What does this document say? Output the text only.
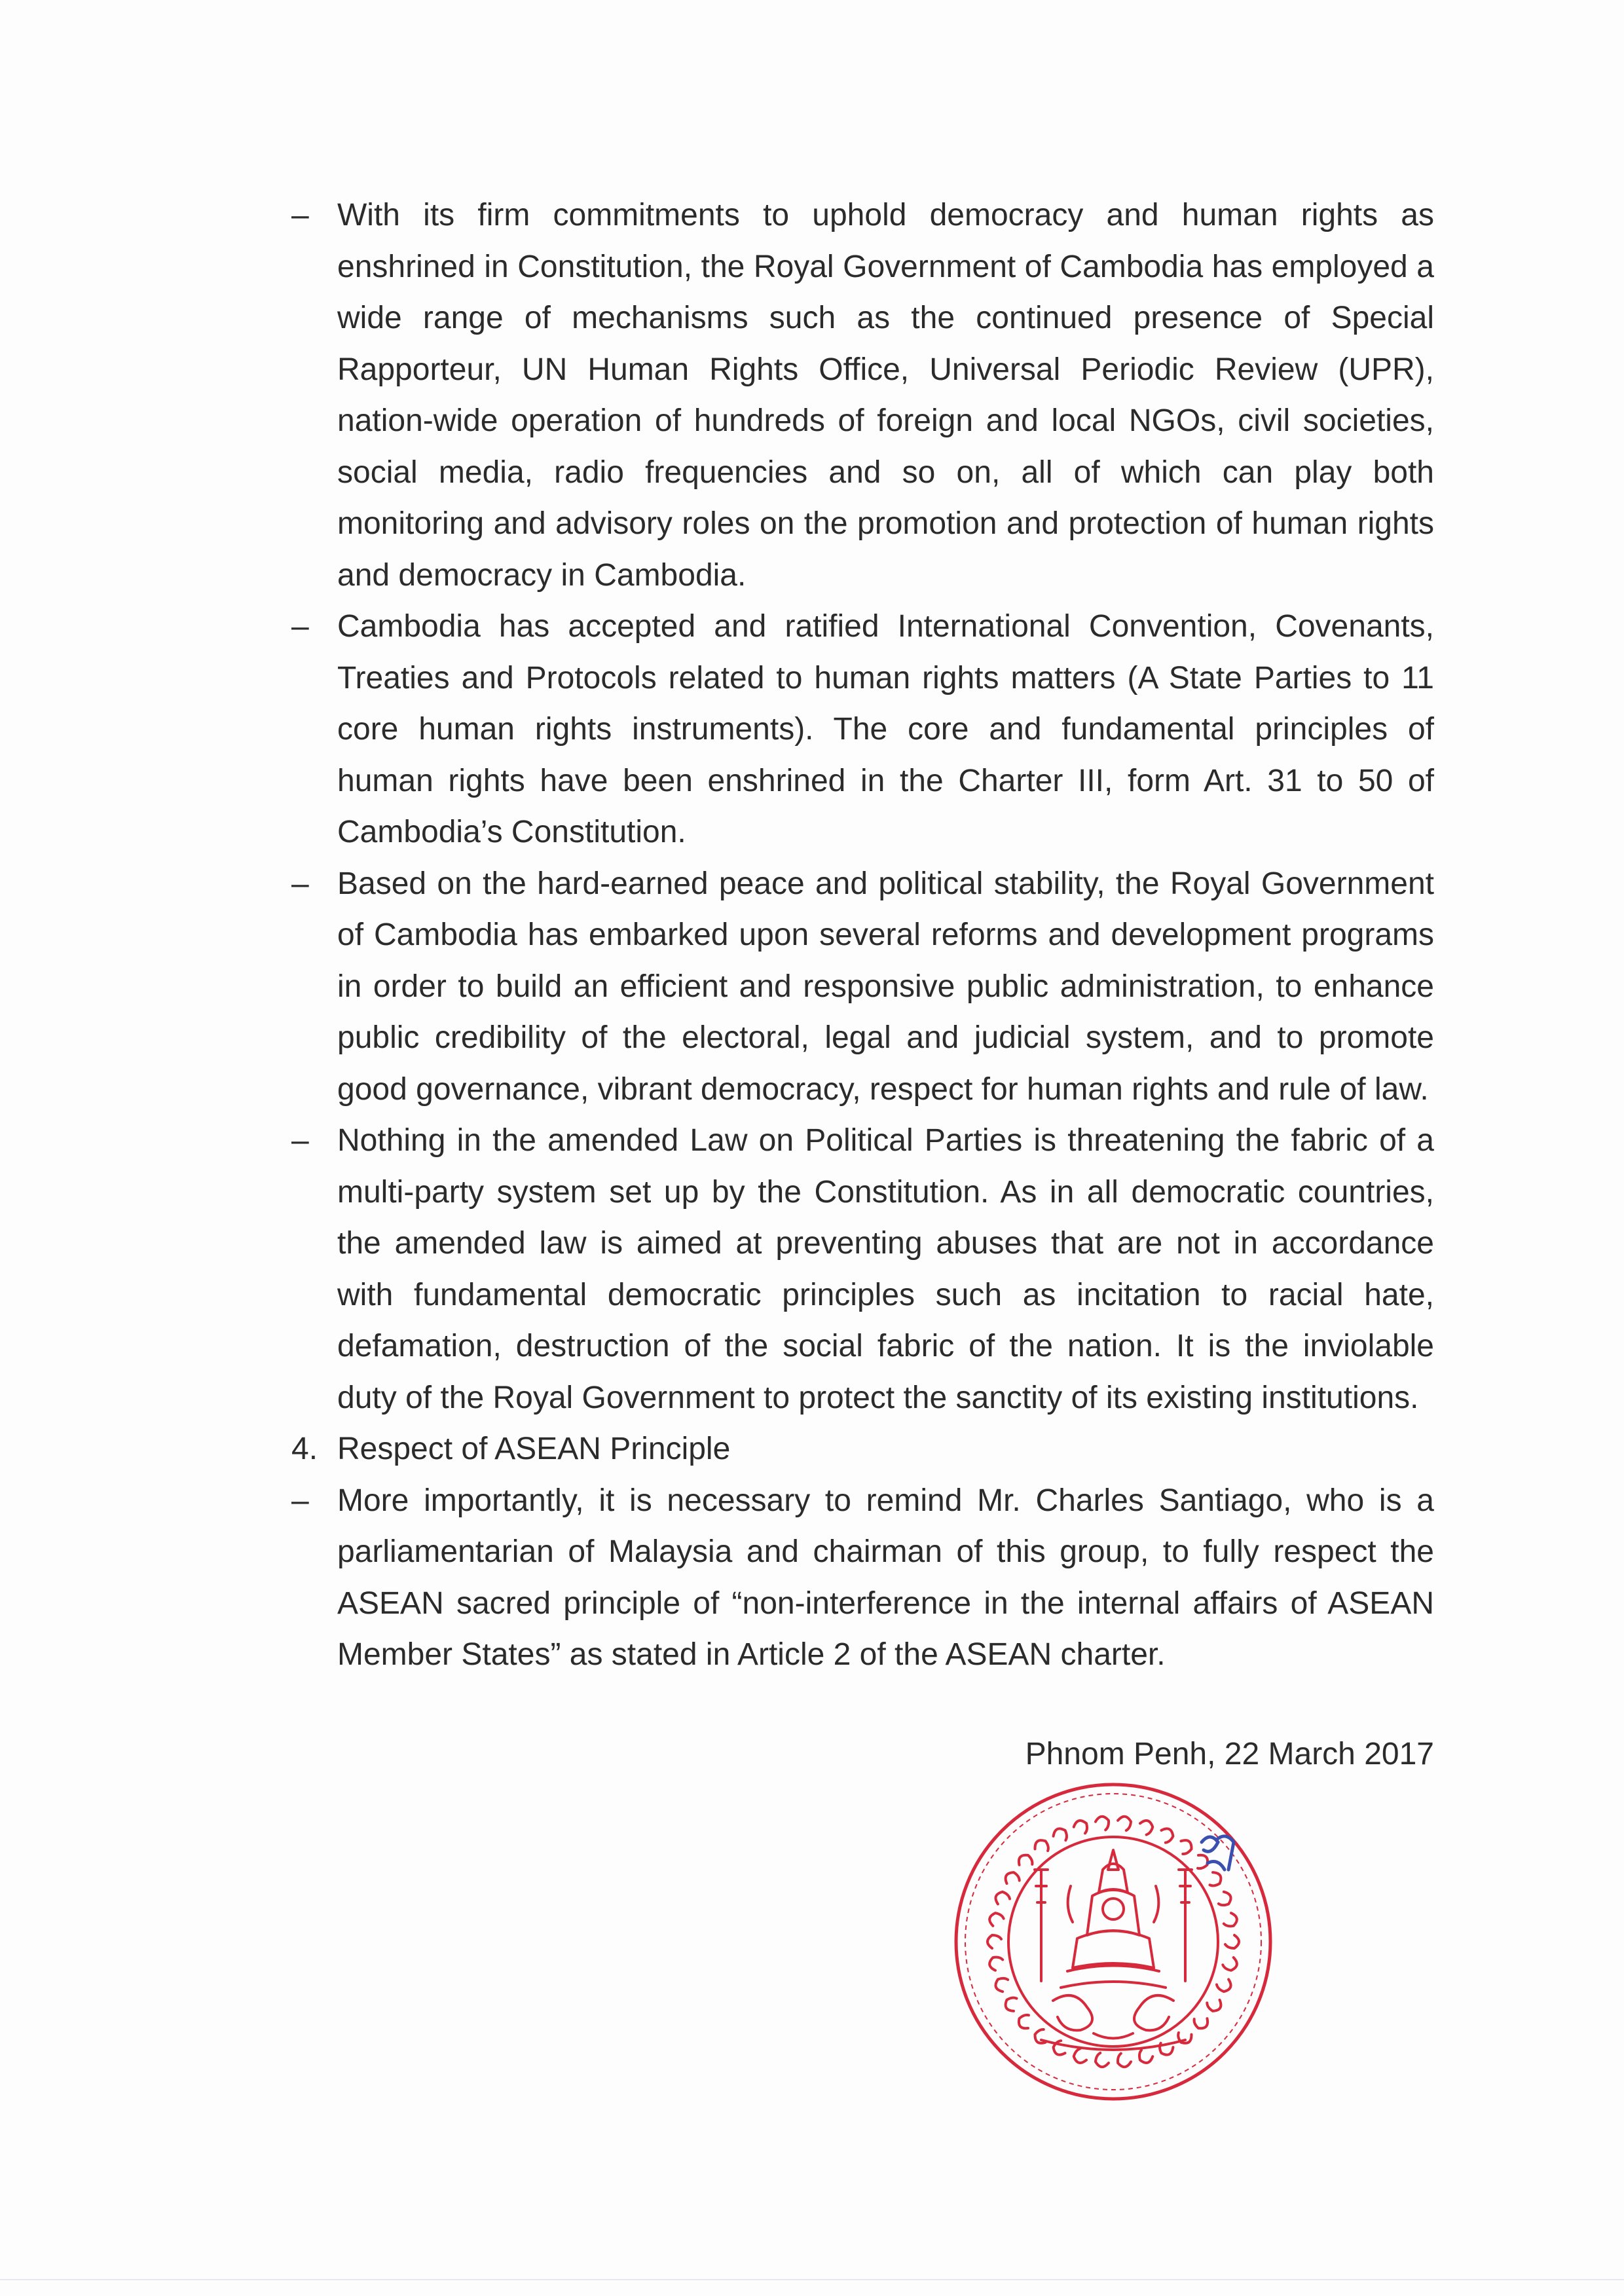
– With its firm commitments to uphold democracy and human rights as enshrined in Constitution, the Royal Government of Cambodia has employed a wide range of mechanisms such as the continued presence of Special Rapporteur, UN Human Rights Office, Universal Periodic Review (UPR), nation-wide operation of hundreds of foreign and local NGOs, civil societies, social media, radio frequencies and so on, all of which can play both monitoring and advisory roles on the promotion and protection of human rights and democracy in Cambodia.

– Cambodia has accepted and ratified International Convention, Covenants, Treaties and Protocols related to human rights matters (A State Parties to 11 core human rights instruments). The core and fundamental principles of human rights have been enshrined in the Charter III, form Art. 31 to 50 of Cambodia’s Constitution.

– Based on the hard-earned peace and political stability, the Royal Government of Cambodia has embarked upon several reforms and development programs in order to build an efficient and responsive public administration, to enhance public credibility of the electoral, legal and judicial system, and to promote good governance, vibrant democracy, respect for human rights and rule of law.

– Nothing in the amended Law on Political Parties is threatening the fabric of a multi-party system set up by the Constitution. As in all democratic countries, the amended law is aimed at preventing abuses that are not in accordance with fundamental democratic principles such as incitation to racial hate, defamation, destruction of the social fabric of the nation. It is the inviolable duty of the Royal Government to protect the sanctity of its existing institutions.

4. Respect of ASEAN Principle

– More importantly, it is necessary to remind Mr. Charles Santiago, who is a parliamentarian of Malaysia and chairman of this group, to fully respect the ASEAN sacred principle of “non-interference in the internal affairs of ASEAN Member States” as stated in Article 2 of the ASEAN charter.

Phnom Penh, 22 March 2017
